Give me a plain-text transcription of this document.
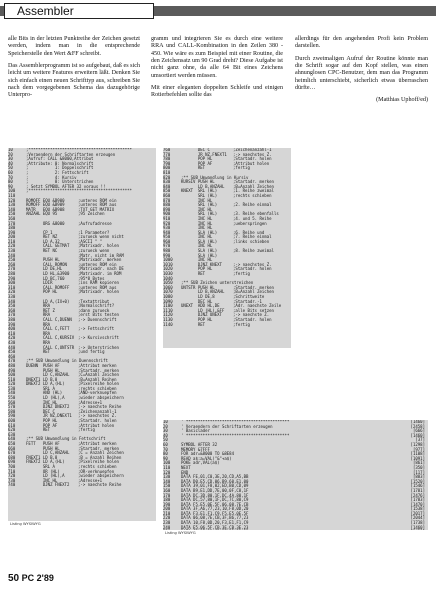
Assembler

alle Bits in der letzten Punktreihe der Zeichen gesetzt werden, indem man in die entsprechende Speicherstelle den Wert &FF schreibt.

Das Assemblerprogramm ist so aufgebaut, daß es sich leicht um weitere Features erweitern läßt. Denken Sie sich einfach einen neuen Schrifttyp aus, schreiben Sie nach dem vorgegebenen Schema das dazugehörige Unterpro-

gramm und integrieren Sie es durch eine weitere RRA und CALL-Kombination in den Zeilen 380 - 450. Wie wäre es zum Beispiel mit einer Routine, die den Zeichensatz um 90 Grad dreht? Diese Aufgabe ist nicht ganz ohne, da alle 64 Bit eines Zeichens umsortiert werden müssen.

Mit einer eleganten doppelten Schleife und einigen Rotierbefehlen sollte das

allerdings für den angehenden Profi kein Problem darstellen.

Durch zweimaligen Aufruf der Routine könnte man die Schrift sogar auf den Kopf stellen, was einen ahnunglosen CPC-Benutzer, dem man das Programm heimlich unterschiebt, sicherlich etwas überraschen dürfte…

(Matthias Uphoff/ed)
10	;*******************************************
20	;Veraendern der Schriftarten erzeugen
30	;Aufruf: CALL &8000,Attribut
40	;Attribute: 0: Normalschrift
50	;           1: Doppelschrift
60	;           2: Fettschrift
70	;           4: Kursiv
80	;           8: Unterstrichen
90	; Setzt SYMBOL AFTER 32 voraus !!
100	;*******************************************
110
120	ROMOFF EQU &B900	;unteres ROM ein
130	ROMOFF EQU &B909	;unteres ROM aus
140	MATR   EQU &B908	;TXT GET MATRIX
150	ANZAHL EQU 95	;95 Zeichen
160
170	ORG &8000	;Aufrufadresse
180
190	CP 1	;1 Parameter?
200	RET NZ	;zurueck wenn nicht
210	LD A,32	;ASCII " "
220	CALL GETMAT ;Matrixadr. holen
230	RET NC	;zurueck wenn
240	;Matr. nicht im RAM
250	PUSH HL	;Matrixadr. merken
260	CALL ROMON	;unteres ROM ein
270	LD DE,HL	;Matrixadr. nach DE
280	LD HL,&3900 ;Matrixadr. im ROM
290	LD BC,760	;95*8 Bytes
300	LDIR	;ins RAM kopieren
310	CALL ROMOFF ;unteres ROM aus
320	POP HL	;Matrixadr. holen
330
340	LD A,(IX+0) ;Textattribut
350	RRA	;Normalschrift?
360	RET Z	;dann zurueck
370	RRA	;erst Bits testen
380	CALL C,DUENN ;-> Duennschrift
390	RRA
400	CALL C,FETT ;-> Fettschrift
410	RRA
420	CALL C,KURSIV ;-> Kursivschrift
430	RRA
440	CALL C,UNTSTR ;-> Unterstrichen
450	RET	;und fertig
460
470	;** SUB Umwandlung in Duennschrift
480	DUENN  PUSH AF	;Attribut merken
490	PUSH HL	;Startadr. merken
500	LD C,ANZAHL ;C=Anzahl Zeichen
510	DNEXT1 LD B,8	;B=Anzahl Reihen
520	DNEXT2 LD A,(HL)	;Pixelreihe holen
530	SRL A	;rechts schieben
540	AND (HL)	;AND-verknuepfen
550	LD (HL),A	;wieder abspeichern
560	INC HL	;Adresse+1
570	DJNZ DNEXT2 ;-> naechste Reihe
580	DEC C	;Zeichenanzahl-1
590	JR NZ,DNEXT1 ;-> naechstes Z.
600	POP HL	;Startadr. holen
610	POP AF	;Attribut holen
620	RET	;fertig
630
640	;** SUB Umwandlung in Fettschrift
650	FETT   PUSH AF	;Attribut merken
660	PUSH HL	;Startadr. merken
670	LD C,ANZAHL ;C = Anzahl Zeichen
680	FNEXT1 LD B,8	;B = Anzahl Reihen
690	FNEXT2 LD A,(HL)	;Pixelreihe holen
700	SRL A	;rechts schieben
710	OR (HL)	;OR-verknuepfen
720	LD (HL),A	;wieder abspeichern
730	INC HL	;Adresse+1
740	DJNZ FNEXT2 ;-> naechste Reihe
Listing WYSIWYG
760	DEC C	;Zeichenanzahl-1
770	JR NZ,FNEXT1 ;-> naechstes Z.
780	POP HL	;Startadr. holen
790	POP AF	;Attribut holen
800	RET	;fertig
810
820	;** SUB Umwandlung in Kursiv
830	KURSIV PUSH HL	;Startadr. merken
840	LD B,ANZAHL ;B=Anzahl Zeichen
850	KNEXT  SRL (HL)	;1. Reihe zweimal
860	SRL (HL)	;rechts schieben
870	INC HL
880	SRL (HL)	;2. Reihe einmal
890	INC HL
900	SRL (HL)	;3. Reihe ebenfalls
910	INC HL	;4. und 5. Reihe
920	INC HL	;ueberspringen
930	INC HL
940	SLA (HL)	;6. Reihe und
950	INC HL	;7. Reihe einmal
960	SLA (HL)	;links schieben
970	INC HL
980	SLA (HL)	;8. Reihe zweimal
990	SLA (HL)
1000       INC HL
1010       DJNZ KNEXT	;-> naechstes Z.
1020       POP HL	;Startadr. holen
1030       RET	;fertig
1040
1050 ;** SUB Zeichen unterstreichen
1060 UNTSTR PUSH HL	;Startadr. merken
1070       LD B,ANZAHL ;B=Anzahl Zeichen
1080       LD DE,8	;Schrittweite
1090       DEC HL	;Startadr.-1
1100 UNEXT  ADD HL,DE	;Adr. naechste Zeile
1110       LD (HL),&FF ;alle Bits setzen
1120       DJNZ UNEXT	;-> naechste Z.
1130       POP HL	;Startadr. holen
1140       RET	;fertig
10	' *******************************************	[1460]
20	' Veraendern der Schriftarten erzeugen	[2458]
30	' Basiclader	[666]
40	' *******************************************	[1460]
50	[37]
60	SYMBOL AFTER 32	[1298]
70	MEMORY &7FFF	[977]
80	FOR adr=&8000 TO &8E84	[1108]
90	READ a$:a=VAL("&"+a$)	[1091]
100	POKE adr,VAL(a$)	[861]
110	NEXT	[350]
120	END	[117]
130	DATA FE,01,C0,3E,20,CD,A5,BB	[883]
140	DATA D0,E5,CD,06,B9,60,E1,00	[1520]
150	DATA 39,01,F8,02,ED,B0,CD,09	[1546]
160	DATA B9,E1,DD,7E,00,0F,C8,1F	[1781]
170	DATA DC,3D,80,1F,DC,4A,80,1F	[2476]
180	DATA DC,57,80,1F,DC,7C,80,C9	[1783]
190	DATA F5,E5,0E,5F,06,08,7E,CB	[1470]
200	DATA 3F,A6,77,23,10,F8,0D,20	[1538]
210	DATA F3,E1,F1,C9,F5,E5,0E,5F	[2017]
220	DATA 06,08,7E,CB,3F,B6,77,23	[2044]
230	DATA 10,F8,0D,20,F3,E1,F1,C9	[1738]
240	DATA E5,06,5F,CB,3E,CB,3E,23	[1460]
Listing WYSIWYG
50 PC 2'89
